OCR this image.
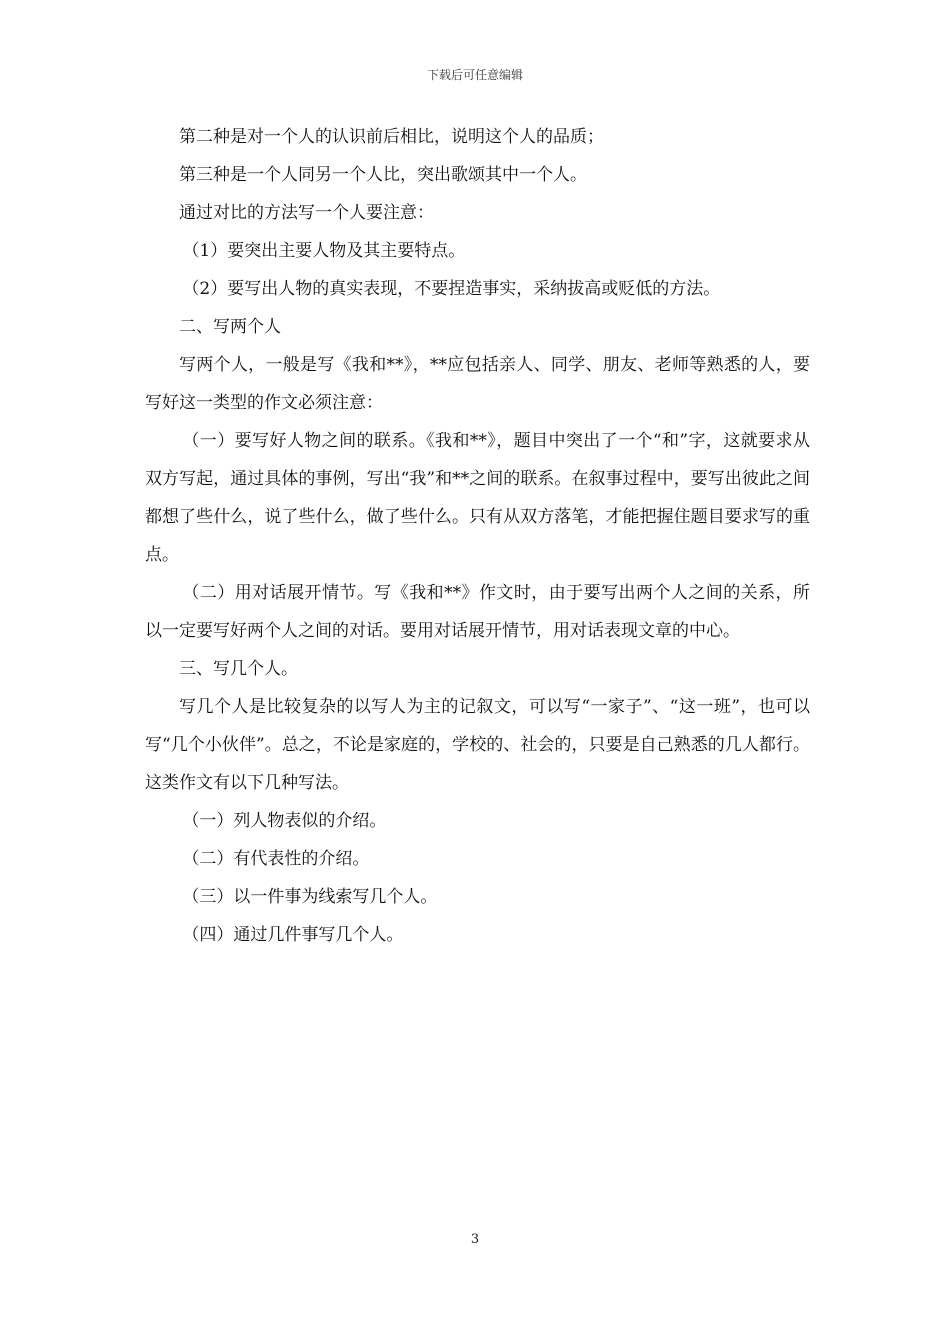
下载后可任意编辑

第二种是对一个人的认识前后相比，说明这个人的品质；

第三种是一个人同另一个人比，突出歌颂其中一个人。

通过对比的方法写一个人要注意：

（1）要突出主要人物及其主要特点。

（2）要写出人物的真实表现，不要捏造事实，采纳拔高或贬低的方法。

二、写两个人

写两个人，一般是写《我和**》，**应包括亲人、同学、朋友、老师等熟悉的人，要写好这一类型的作文必须注意：

（一）要写好人物之间的联系。《我和**》，题目中突出了一个“和”字，这就要求从双方写起，通过具体的事例，写出“我”和**之间的联系。在叙事过程中，要写出彼此之间都想了些什么，说了些什么，做了些什么。只有从双方落笔，才能把握住题目要求写的重点。

（二）用对话展开情节。写《我和**》作文时，由于要写出两个人之间的关系，所以一定要写好两个人之间的对话。要用对话展开情节，用对话表现文章的中心。

三、写几个人。

写几个人是比较复杂的以写人为主的记叙文，可以写“一家子”、“这一班”，也可以写“几个小伙伴”。总之，不论是家庭的，学校的、社会的，只要是自己熟悉的几人都行。这类作文有以下几种写法。

（一）列人物表似的介绍。

（二）有代表性的介绍。

（三）以一件事为线索写几个人。

（四）通过几件事写几个人。

3
